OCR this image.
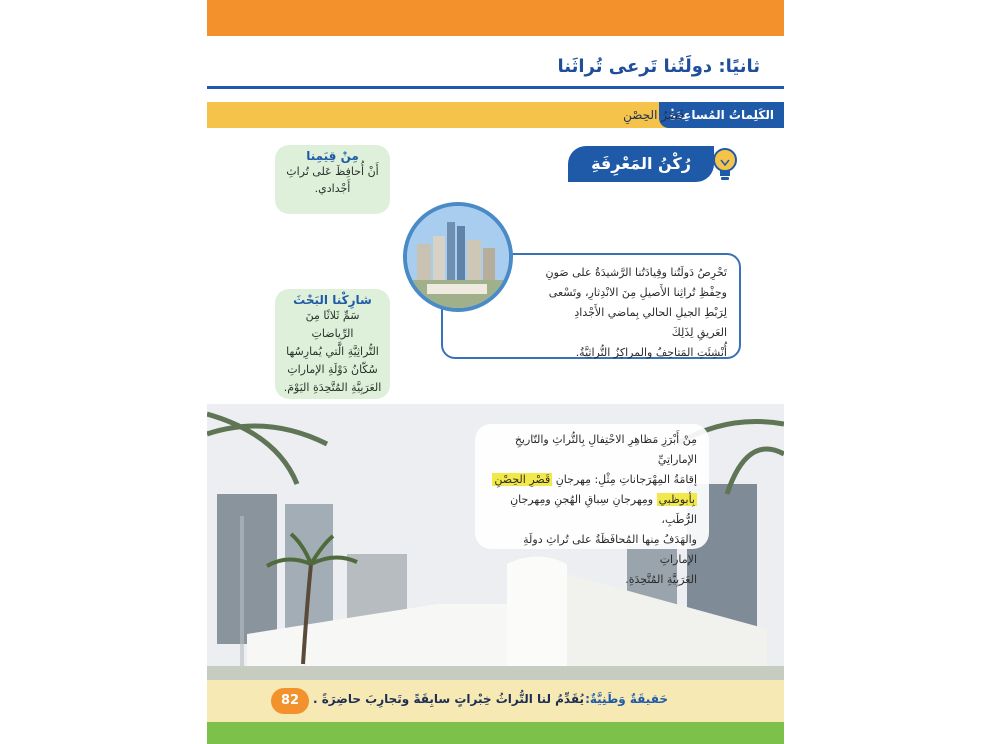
ثانيًا: دولَتُنا تَرعى تُراثَنا
الكَلِماتُ المُساعِدَةُ
قَصْرُ الحِصْنِ
رُكْنُ المَعْرِفَةِ
مِنْ قِيَمِنا
أَنْ أُحافِظَ عَلى تُراثِ
أَجْدادي.
شارِكْنا البَحْثَ
سَمِّ ثَلاثًا مِنَ الرِّياضاتِ
التُّراثِيَّةِ الَّتي يُمارِسُها
سُكّانُ دَوْلَةِ الإماراتِ
العَرَبِيَّةِ المُتَّحِدَةِ اليَوْمَ.
تَحْرِصُ دَولَتُنا وقِيادَتُنا الرَّشيدَةُ على صَونِ
وحِفْظِ تُراثِنا الأَصيلِ مِنَ الانْدِثارِ، وتَسْعى
لِرَبْطِ الجيلِ الحالي بِماضي الأَجْدادِ العَريقِ لِذَلِكَ
أُنْشِئَتِ المَتاحِفُ والمراكِزُ التُّراثِيَّةُ.
مِنْ أَبْرَزِ مَظاهِرِ الاحْتِفالِ بِالتُّراثِ والتّاريخِ الإماراتِيِّ
إقامَةُ المِهْرَجاناتِ مِثْلِ: مِهرجانِ قَصْرِ الحِصْنِ
بِأبوظبي ومِهرجانِ سِباقِ الهُجنِ ومِهرجانِ الرُّطَبِ،
والهَدَفُ مِنها المُحافَظَةُ على تُراثِ دولَةِ الإماراتِ
العَرَبِيَّةِ المُتَّحِدَةِ.
82	حَقيقَةٌ وَطَنِيَّةٌ:
يُقَدِّمُ لنا التُّراثُ خِبْراتٍ سابِقَةً وتَجارِبَ حاضِرَةً .
